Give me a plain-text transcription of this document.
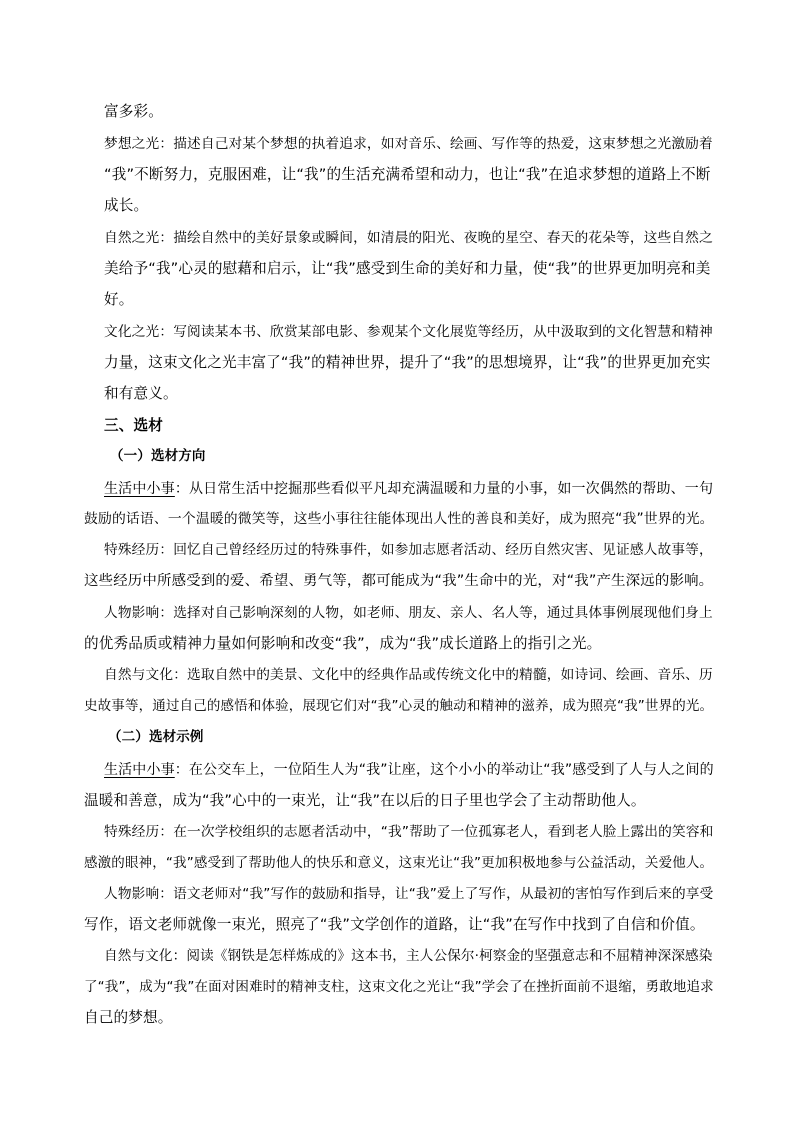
富多彩。
梦想之光：描述自己对某个梦想的执着追求，如对音乐、绘画、写作等的热爱，这束梦想之光激励着
“我”不断努力，克服困难，让“我”的生活充满希望和动力，也让“我”在追求梦想的道路上不断
成长。
自然之光：描绘自然中的美好景象或瞬间，如清晨的阳光、夜晚的星空、春天的花朵等，这些自然之
美给予“我”心灵的慰藉和启示，让“我”感受到生命的美好和力量，使“我”的世界更加明亮和美
好。
文化之光：写阅读某本书、欣赏某部电影、参观某个文化展览等经历，从中汲取到的文化智慧和精神
力量，这束文化之光丰富了“我”的精神世界，提升了“我”的思想境界，让“我”的世界更加充实
和有意义。
三、选材
（一）选材方向
生活中小事：从日常生活中挖掘那些看似平凡却充满温暖和力量的小事，如一次偶然的帮助、一句
鼓励的话语、一个温暖的微笑等，这些小事往往能体现出人性的善良和美好，成为照亮“我”世界的光。
特殊经历：回忆自己曾经经历过的特殊事件，如参加志愿者活动、经历自然灾害、见证感人故事等，
这些经历中所感受到的爱、希望、勇气等，都可能成为“我”生命中的光，对“我”产生深远的影响。
人物影响：选择对自己影响深刻的人物，如老师、朋友、亲人、名人等，通过具体事例展现他们身上
的优秀品质或精神力量如何影响和改变“我”，成为“我”成长道路上的指引之光。
自然与文化：选取自然中的美景、文化中的经典作品或传统文化中的精髓，如诗词、绘画、音乐、历
史故事等，通过自己的感悟和体验，展现它们对“我”心灵的触动和精神的滋养，成为照亮“我”世界的光。
（二）选材示例
生活中小事：在公交车上，一位陌生人为“我”让座，这个小小的举动让“我”感受到了人与人之间的
温暖和善意，成为“我”心中的一束光，让“我”在以后的日子里也学会了主动帮助他人。
特殊经历：在一次学校组织的志愿者活动中，“我”帮助了一位孤寡老人，看到老人脸上露出的笑容和
感激的眼神，“我”感受到了帮助他人的快乐和意义，这束光让“我”更加积极地参与公益活动，关爱他人。
人物影响：语文老师对“我”写作的鼓励和指导，让“我”爱上了写作，从最初的害怕写作到后来的享受
写作，语文老师就像一束光，照亮了“我”文学创作的道路，让“我”在写作中找到了自信和价值。
自然与文化：阅读《钢铁是怎样炼成的》这本书，主人公保尔·柯察金的坚强意志和不屈精神深深感染
了“我”，成为“我”在面对困难时的精神支柱，这束文化之光让“我”学会了在挫折面前不退缩，勇敢地追求
自己的梦想。
